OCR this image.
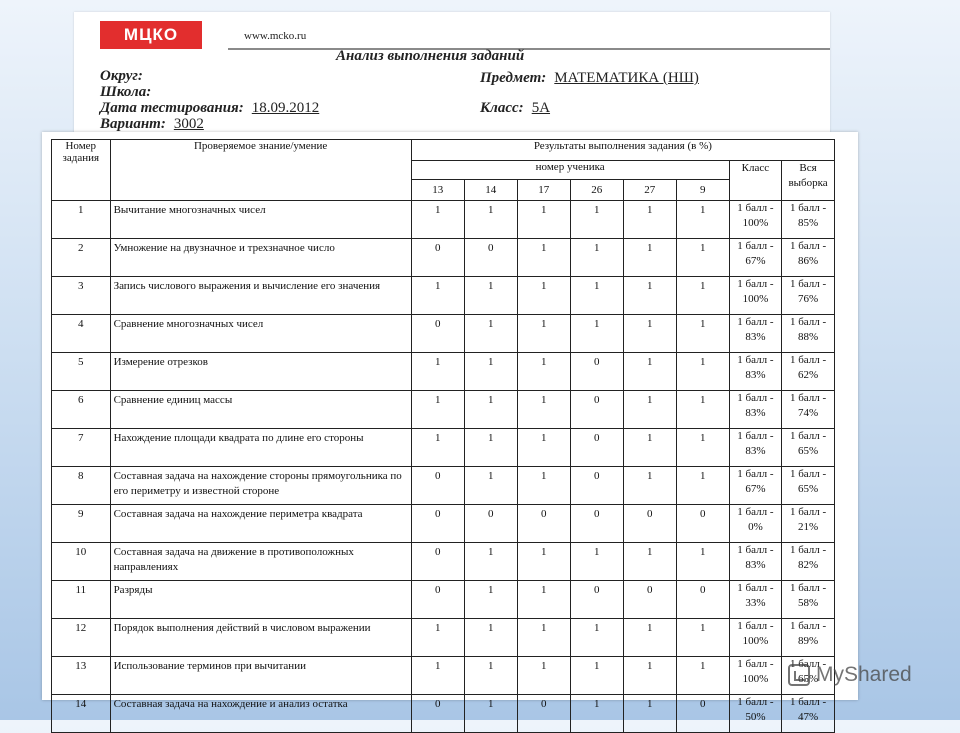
МЦКО	www.mcko.ru
Анализ выполнения заданий
Округ:
Школа:
Дата тестирования: 18.09.2012
Вариант: 3002
Предмет: МАТЕМАТИКА (НШ)
Класс: 5А
Номер задания	Проверяемое знание/умение	Результаты выполнения задания (в %)							
		номер ученика						Класс	Вся выборка
		13	14	17	26	27	9		
1	Вычитание многозначных чисел	1	1	1	1	1	1	1 балл - 100%	1 балл - 85%
2	Умножение на двузначное и трехзначное число	0	0	1	1	1	1	1 балл - 67%	1 балл - 86%
3	Запись числового выражения и вычисление его значения	1	1	1	1	1	1	1 балл - 100%	1 балл - 76%
4	Сравнение многозначных чисел	0	1	1	1	1	1	1 балл - 83%	1 балл - 88%
5	Измерение отрезков	1	1	1	0	1	1	1 балл - 83%	1 балл - 62%
6	Сравнение единиц массы	1	1	1	0	1	1	1 балл - 83%	1 балл - 74%
7	Нахождение площади квадрата по длине его стороны	1	1	1	0	1	1	1 балл - 83%	1 балл - 65%
8	Составная задача на нахождение стороны прямоугольника по его периметру и известной стороне	0	1	1	0	1	1	1 балл - 67%	1 балл - 65%
9	Составная задача на нахождение периметра квадрата	0	0	0	0	0	0	1 балл - 0%	1 балл - 21%
10	Составная задача на движение в противоположных направлениях	0	1	1	1	1	1	1 балл - 83%	1 балл - 82%
11	Разряды	0	1	1	0	0	0	1 балл - 33%	1 балл - 58%
12	Порядок выполнения действий в числовом выражении	1	1	1	1	1	1	1 балл - 100%	1 балл - 89%
13	Использование терминов при вычитании	1	1	1	1	1	1	1 балл - 100%	1 балл - 65%
14	Составная задача на нахождение и анализ остатка	0	1	0	1	1	0	1 балл - 50%	1 балл - 47%
MyShared
